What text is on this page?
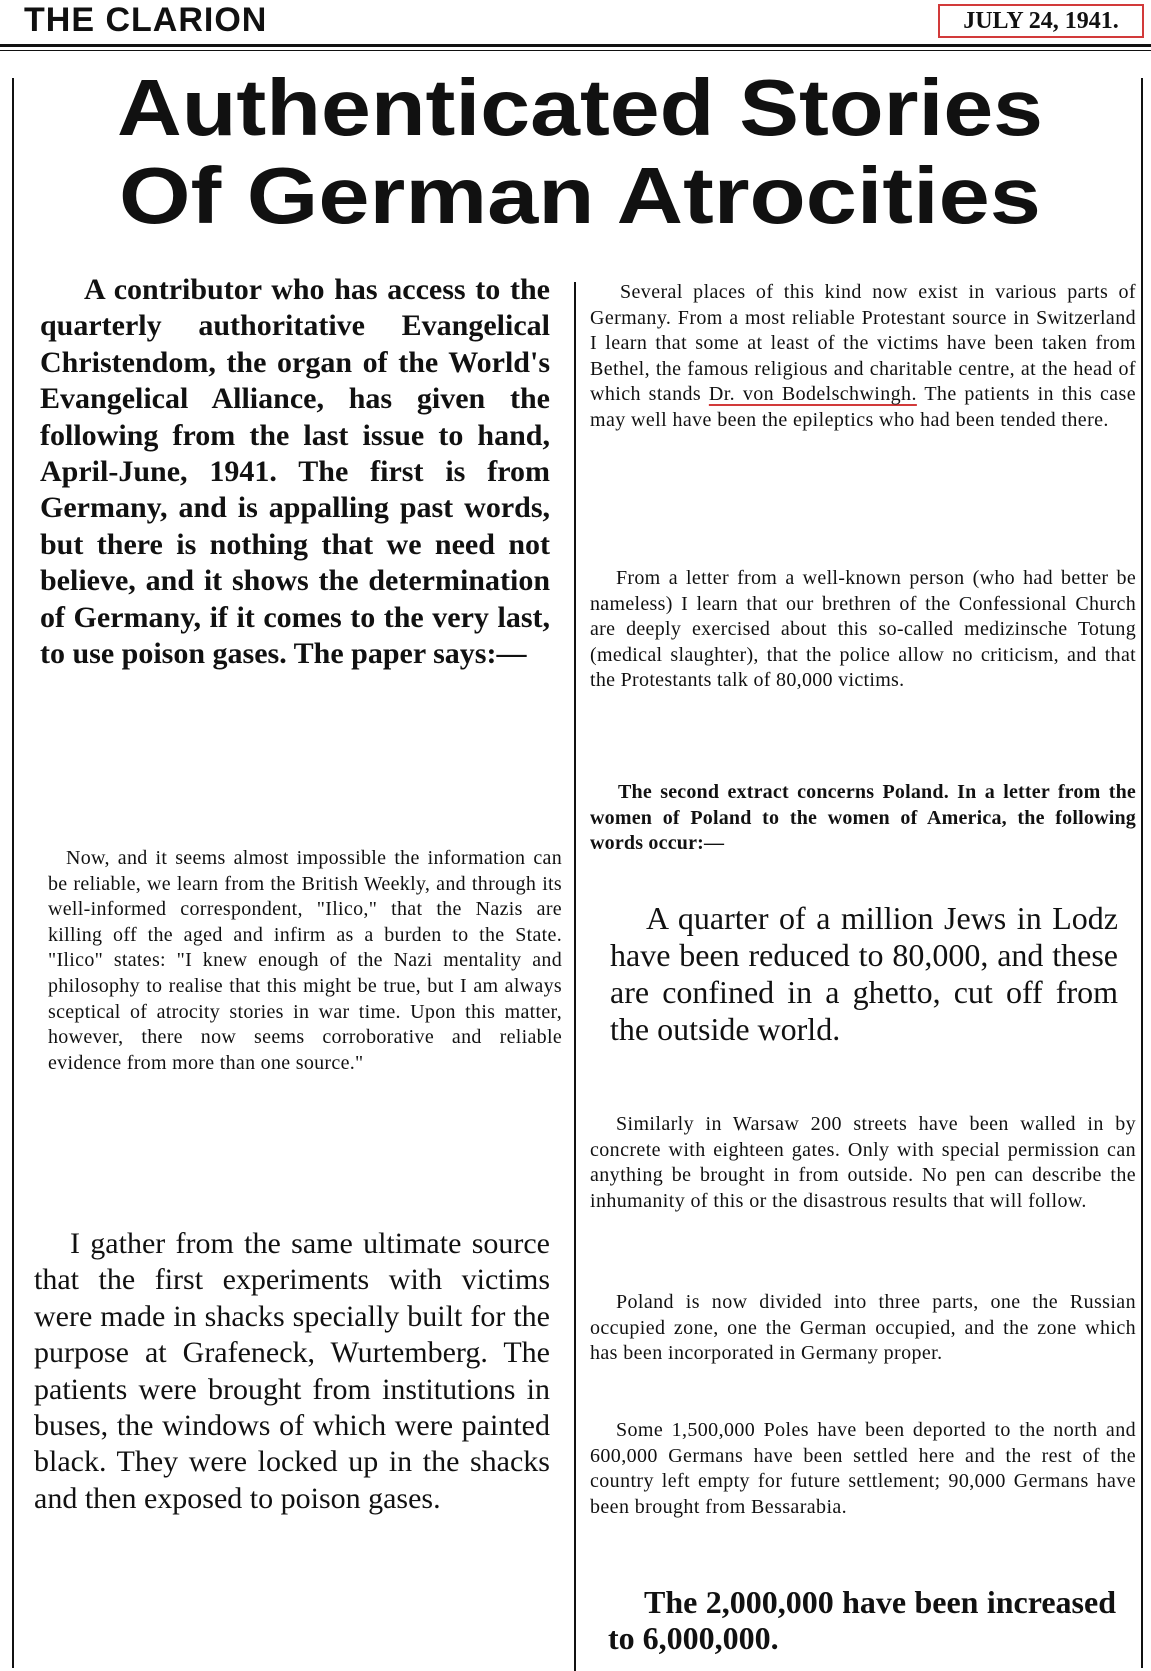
THE CLARION	JULY 24, 1941.
Authenticated Stories
Of German Atrocities

A contributor who has access to the quarterly authoritative Evangelical Christendom, the organ of the World's Evangelical Alliance, has given the following from the last issue to hand, April-June, 1941. The first is from Germany, and is appalling past words, but there is nothing that we need not believe, and it shows the determination of Germany, if it comes to the very last, to use poison gases. The paper says:—

Now, and it seems almost impossible the information can be reliable, we learn from the British Weekly, and through its well-informed correspondent, "Ilico," that the Nazis are killing off the aged and infirm as a burden to the State. "Ilico" states: "I knew enough of the Nazi mentality and philosophy to realise that this might be true, but I am always sceptical of atrocity stories in war time. Upon this matter, however, there now seems corroborative and reliable evidence from more than one source."

I gather from the same ultimate source that the first experiments with victims were made in shacks specially built for the purpose at Grafeneck, Wurtemberg. The patients were brought from institutions in buses, the windows of which were painted black. They were locked up in the shacks and then exposed to poison gases.

Several places of this kind now exist in various parts of Germany. From a most reliable Protestant source in Switzerland I learn that some at least of the victims have been taken from Bethel, the famous religious and charitable centre, at the head of which stands Dr. von Bodelschwingh. The patients in this case may well have been the epileptics who had been tended there.

From a letter from a well-known person (who had better be nameless) I learn that our brethren of the Confessional Church are deeply exercised about this so-called medizinsche Totung (medical slaughter), that the police allow no criticism, and that the Protestants talk of 80,000 victims.

The second extract concerns Poland. In a letter from the women of Poland to the women of America, the following words occur:—

A quarter of a million Jews in Lodz have been reduced to 80,000, and these are confined in a ghetto, cut off from the outside world.

Similarly in Warsaw 200 streets have been walled in by concrete with eighteen gates. Only with special permission can anything be brought in from outside. No pen can describe the inhumanity of this or the disastrous results that will follow.

Poland is now divided into three parts, one the Russian occupied zone, one the German occupied, and the zone which has been incorporated in Germany proper.

Some 1,500,000 Poles have been deported to the north and 600,000 Germans have been settled here and the rest of the country left empty for future settlement; 90,000 Germans have been brought from Bessarabia.

The 2,000,000 have been increased to 6,000,000.
